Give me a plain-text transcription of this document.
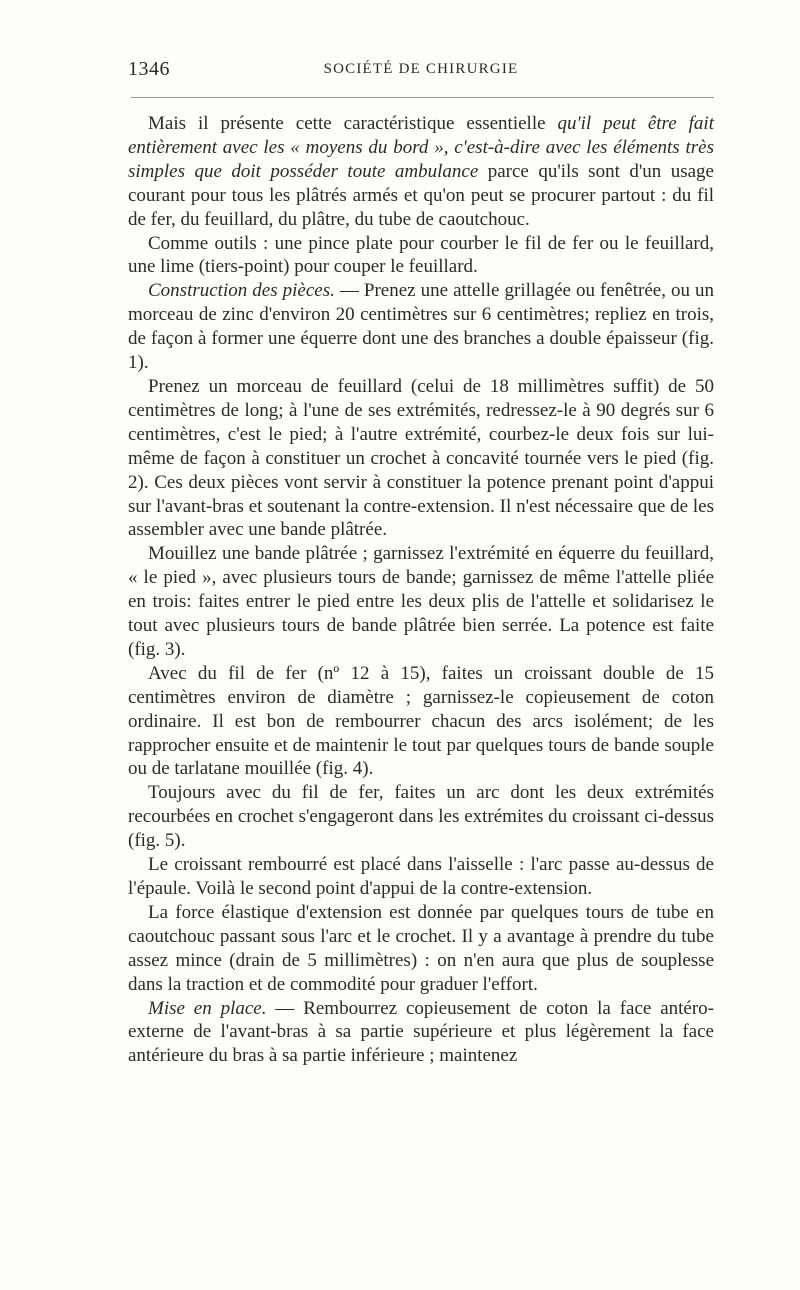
1346	SOCIÉTÉ DE CHIRURGIE

Mais il présente cette caractéristique essentielle qu'il peut être fait entièrement avec les « moyens du bord », c'est-à-dire avec les éléments très simples que doit posséder toute ambulance parce qu'ils sont d'un usage courant pour tous les plâtrés armés et qu'on peut se procurer partout : du fil de fer, du feuillard, du plâtre, du tube de caoutchouc.

Comme outils : une pince plate pour courber le fil de fer ou le feuillard, une lime (tiers-point) pour couper le feuillard.

Construction des pièces. — Prenez une attelle grillagée ou fenêtrée, ou un morceau de zinc d'environ 20 centimètres sur 6 centimètres; repliez en trois, de façon à former une équerre dont une des branches a double épaisseur (fig. 1).

Prenez un morceau de feuillard (celui de 18 millimètres suffit) de 50 centimètres de long; à l'une de ses extrémités, redressez-le à 90 degrés sur 6 centimètres, c'est le pied; à l'autre extrémité, courbez-le deux fois sur lui-même de façon à constituer un crochet à concavité tournée vers le pied (fig. 2). Ces deux pièces vont servir à constituer la potence prenant point d'appui sur l'avant-bras et soutenant la contre-extension. Il n'est nécessaire que de les assembler avec une bande plâtrée.

Mouillez une bande plâtrée ; garnissez l'extrémité en équerre du feuillard, « le pied », avec plusieurs tours de bande; garnissez de même l'attelle pliée en trois: faites entrer le pied entre les deux plis de l'attelle et solidarisez le tout avec plusieurs tours de bande plâtrée bien serrée. La potence est faite (fig. 3).

Avec du fil de fer (nº 12 à 15), faites un croissant double de 15 centimètres environ de diamètre ; garnissez-le copieusement de coton ordinaire. Il est bon de rembourrer chacun des arcs isolément; de les rapprocher ensuite et de maintenir le tout par quelques tours de bande souple ou de tarlatane mouillée (fig. 4).

Toujours avec du fil de fer, faites un arc dont les deux extrémités recourbées en crochet s'engageront dans les extrémites du croissant ci-dessus (fig. 5).

Le croissant rembourré est placé dans l'aisselle : l'arc passe au-dessus de l'épaule. Voilà le second point d'appui de la contre-extension.

La force élastique d'extension est donnée par quelques tours de tube en caoutchouc passant sous l'arc et le crochet. Il y a avantage à prendre du tube assez mince (drain de 5 millimètres) : on n'en aura que plus de souplesse dans la traction et de commodité pour graduer l'effort.

Mise en place. — Rembourrez copieusement de coton la face antéro-externe de l'avant-bras à sa partie supérieure et plus légèrement la face antérieure du bras à sa partie inférieure ; maintenez
